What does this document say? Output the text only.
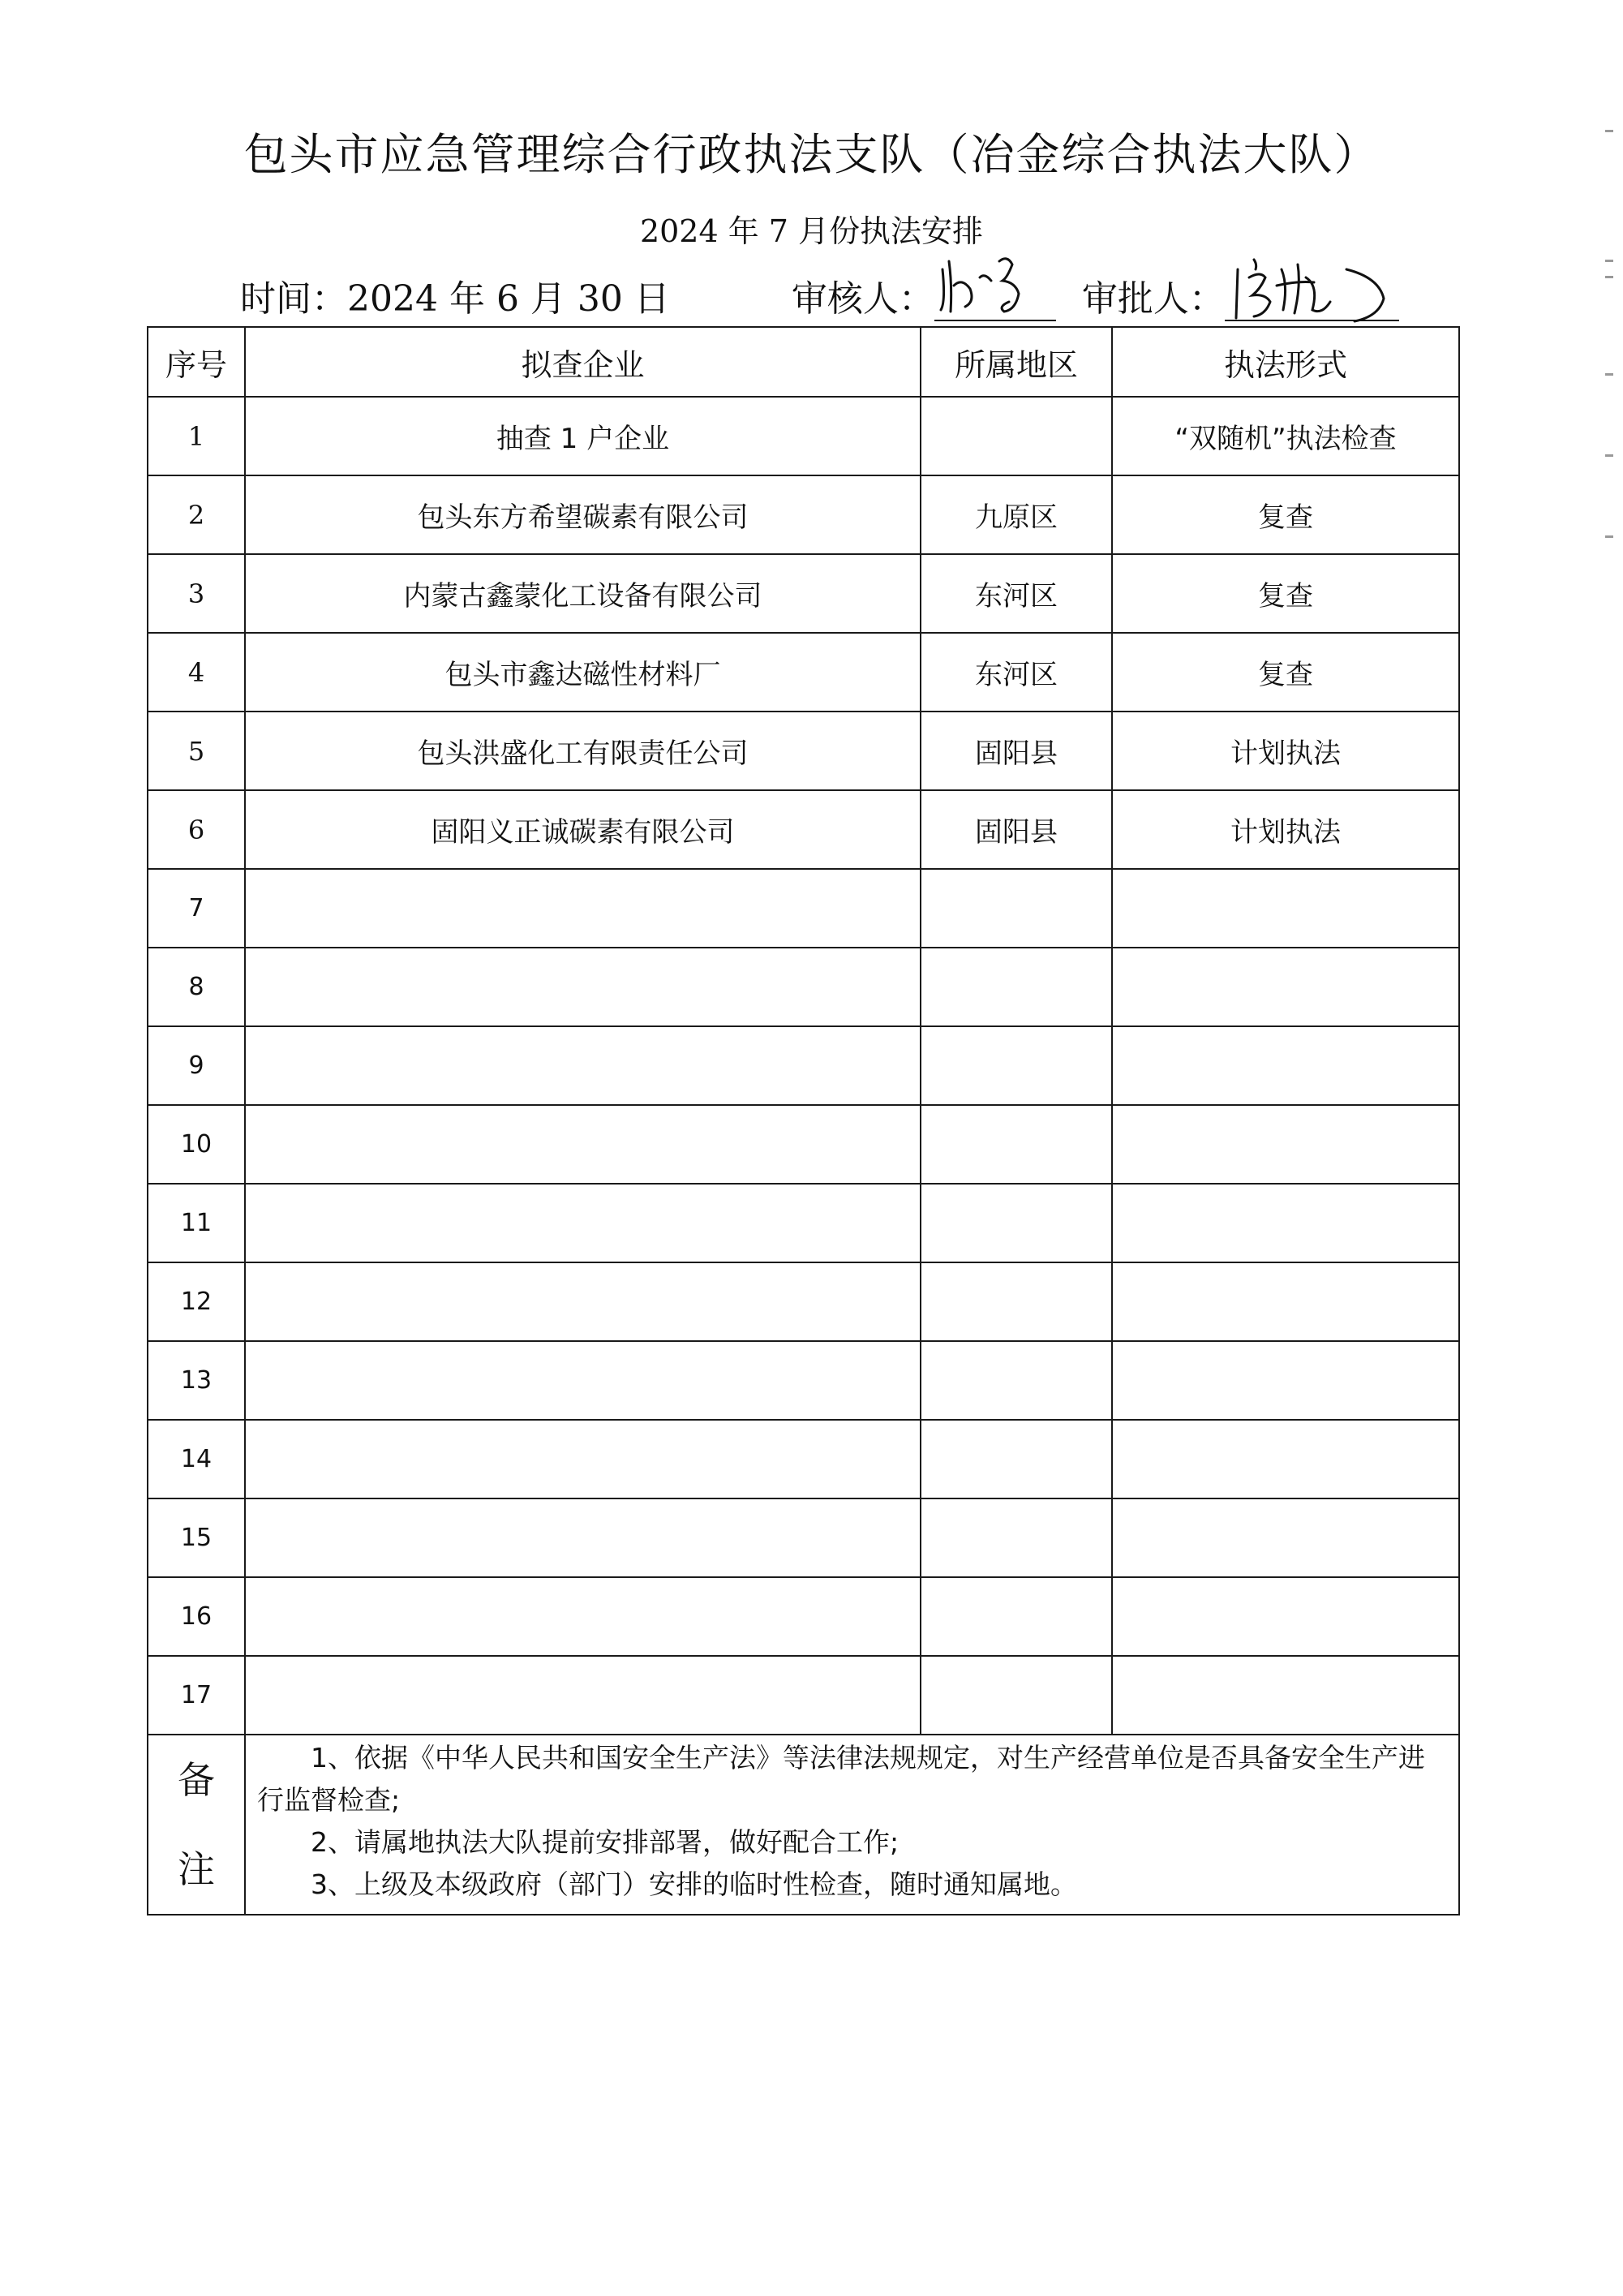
包头市应急管理综合行政执法支队（冶金综合执法大队）
2024 年 7 月份执法安排
时间： 2024 年 6 月 30 日	审核人：	审批人：
序号	拟查企业	所属地区	执法形式
1	抽查 1 户企业		“双随机”执法检查
2	包头东方希望碳素有限公司	九原区	复查
3	内蒙古鑫蒙化工设备有限公司	东河区	复查
4	包头市鑫达磁性材料厂	东河区	复查
5	包头洪盛化工有限责任公司	固阳县	计划执法
6	固阳义正诚碳素有限公司	固阳县	计划执法
7			
8			
9			
10			
11			
12			
13			
14			
15			
16			
17			

备
注	1、依据《中华人民共和国安全生产法》等法律法规规定，对生产经营单位是否具备安全生产进行监督检查;
2、请属地执法大队提前安排部署，做好配合工作;
3、上级及本级政府（部门）安排的临时性检查，随时通知属地。		
